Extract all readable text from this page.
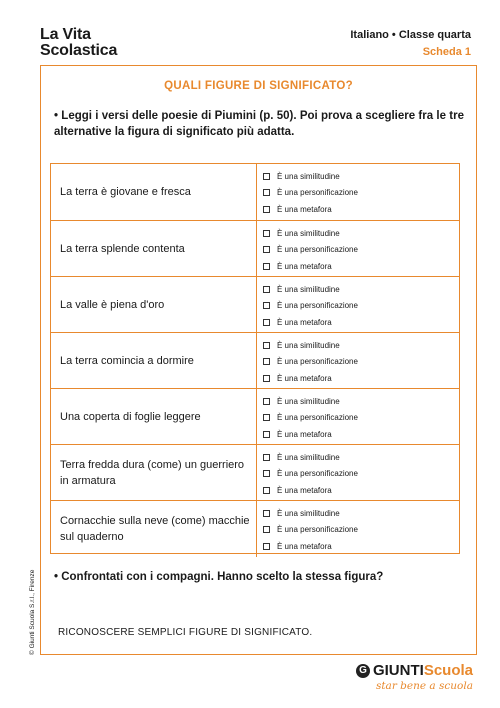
La Vita
Scolastica
Italiano • Classe quarta
Scheda 1
QUALI FIGURE DI SIGNIFICATO?
• Leggi i versi delle poesie di Piumini (p. 50). Poi prova a scegliere fra le tre alternative la figura di significato più adatta.
La terra è giovane e fresca
È una similitudine
È una personificazione
È una metafora
La terra splende contenta
È una similitudine
È una personificazione
È una metafora
La valle è piena d'oro
È una similitudine
È una personificazione
È una metafora
La terra comincia a dormire
È una similitudine
È una personificazione
È una metafora
Una coperta di foglie leggere
È una similitudine
È una personificazione
È una metafora
Terra fredda dura (come) un guerriero in armatura
È una similitudine
È una personificazione
È una metafora
Cornacchie sulla neve (come) macchie sul quaderno
È una similitudine
È una personificazione
È una metafora
• Confrontati con i compagni. Hanno scelto la stessa figura?
RICONOSCERE SEMPLICI FIGURE DI SIGNIFICATO.
© Giunti Scuola S.r.l., Firenze
G GIUNTI Scuola
star bene a scuola
